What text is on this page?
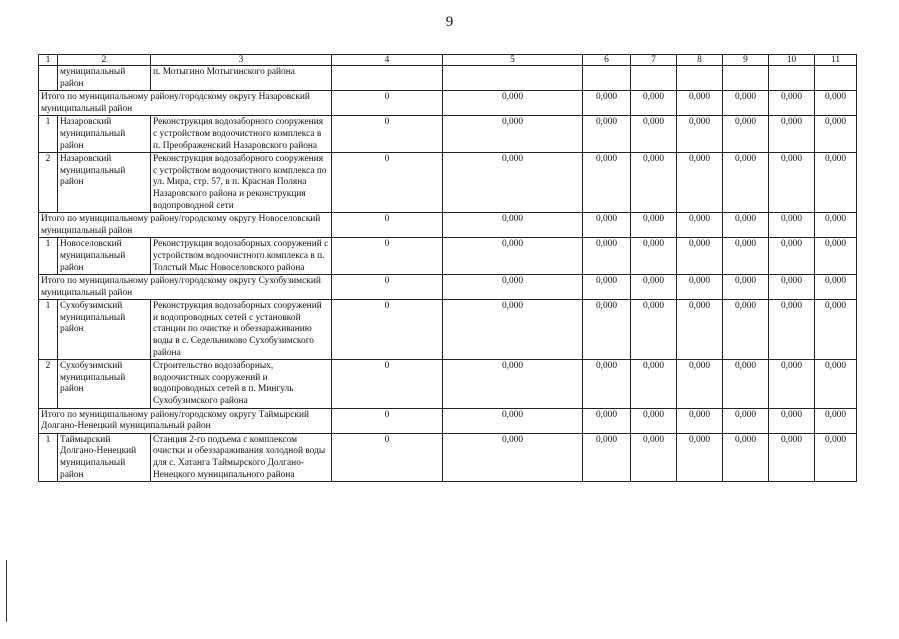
9
1	2	3	4	5	6	7	8	9	10	11
	муниципальный район	п. Мотыгино Мотыгинского района								
Итого по муниципальному району/городскому округу Назаровский муниципальный район			0	0,000	0,000	0,000	0,000	0,000	0,000	0,000
1	Назаровский муниципальный район	Реконструкция водозаборного сооружения с устройством водоочистного комплекса в п. Преображенский Назаровского района	0	0,000	0,000	0,000	0,000	0,000	0,000	0,000
2	Назаровский муниципальный район	Реконструкция водозаборного сооружения с устройством водоочистного комплекса по ул. Мира, стр. 57, в п. Красная Поляна Назаровского района и реконструкция водопроводной сети	0	0,000	0,000	0,000	0,000	0,000	0,000	0,000
Итого по муниципальному району/городскому округу Новоселовский муниципальный район			0	0,000	0,000	0,000	0,000	0,000	0,000	0,000
1	Новоселовский муниципальный район	Реконструкция водозаборных сооружений с устройством водоочистного комплекса в п. Толстый Мыс Новоселовского района	0	0,000	0,000	0,000	0,000	0,000	0,000	0,000
Итого по муниципальному району/городскому округу Сухобузимский муниципальный район			0	0,000	0,000	0,000	0,000	0,000	0,000	0,000
1	Сухобузимский муниципальный район	Реконструкция водозаборных сооружений и водопроводных сетей с установкой станции по очистке и обеззараживанию воды в с. Седельниково Сухобузимского района	0	0,000	0,000	0,000	0,000	0,000	0,000	0,000
2	Сухобузимский муниципальный район	Строительство водозаборных, водоочистных сооружений и водопроводных сетей в п. Мингуль Сухобузимского района	0	0,000	0,000	0,000	0,000	0,000	0,000	0,000
Итого по муниципальному району/городскому округу Таймырский Долгано-Ненецкий муниципальный район			0	0,000	0,000	0,000	0,000	0,000	0,000	0,000
1	Таймырский Долгано-Ненецкий муниципальный район	Станция 2-го подъема с комплексом очистки и обеззараживания холодной воды для с. Хатанга Таймырского Долгано-Ненецкого муниципального района	0	0,000	0,000	0,000	0,000	0,000	0,000	0,000
